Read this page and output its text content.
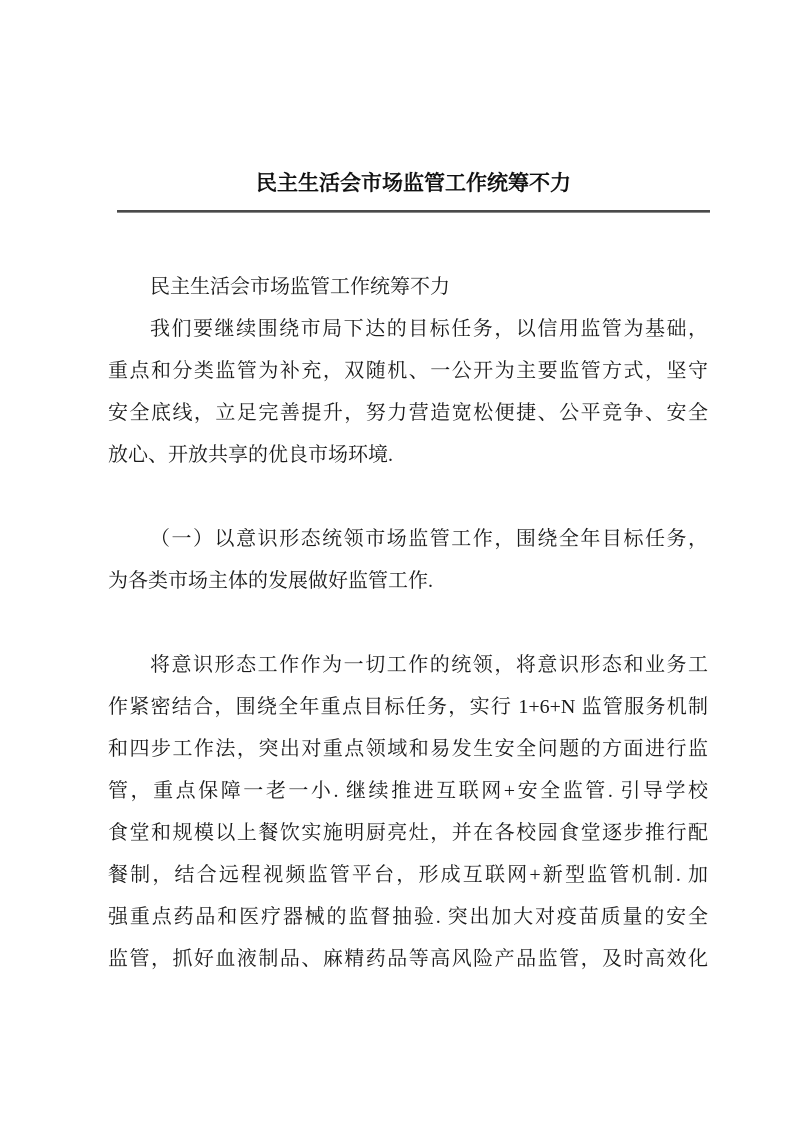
民主生活会市场监管工作统筹不力
民主生活会市场监管工作统筹不力
我们要继续围绕市局下达的目标任务，以信用监管为基础，
重点和分类监管为补充，双随机、一公开为主要监管方式，坚守
安全底线，立足完善提升，努力营造宽松便捷、公平竞争、安全
放心、开放共享的优良市场环境.
（一）以意识形态统领市场监管工作，围绕全年目标任务，
为各类市场主体的发展做好监管工作.
将意识形态工作作为一切工作的统领，将意识形态和业务工
作紧密结合，围绕全年重点目标任务，实行 1+6+N 监管服务机制
和四步工作法，突出对重点领域和易发生安全问题的方面进行监
管，重点保障一老一小. 继续推进互联网+安全监管. 引导学校
食堂和规模以上餐饮实施明厨亮灶，并在各校园食堂逐步推行配
餐制，结合远程视频监管平台，形成互联网+新型监管机制. 加
强重点药品和医疗器械的监督抽验. 突出加大对疫苗质量的安全
监管，抓好血液制品、麻精药品等高风险产品监管，及时高效化
